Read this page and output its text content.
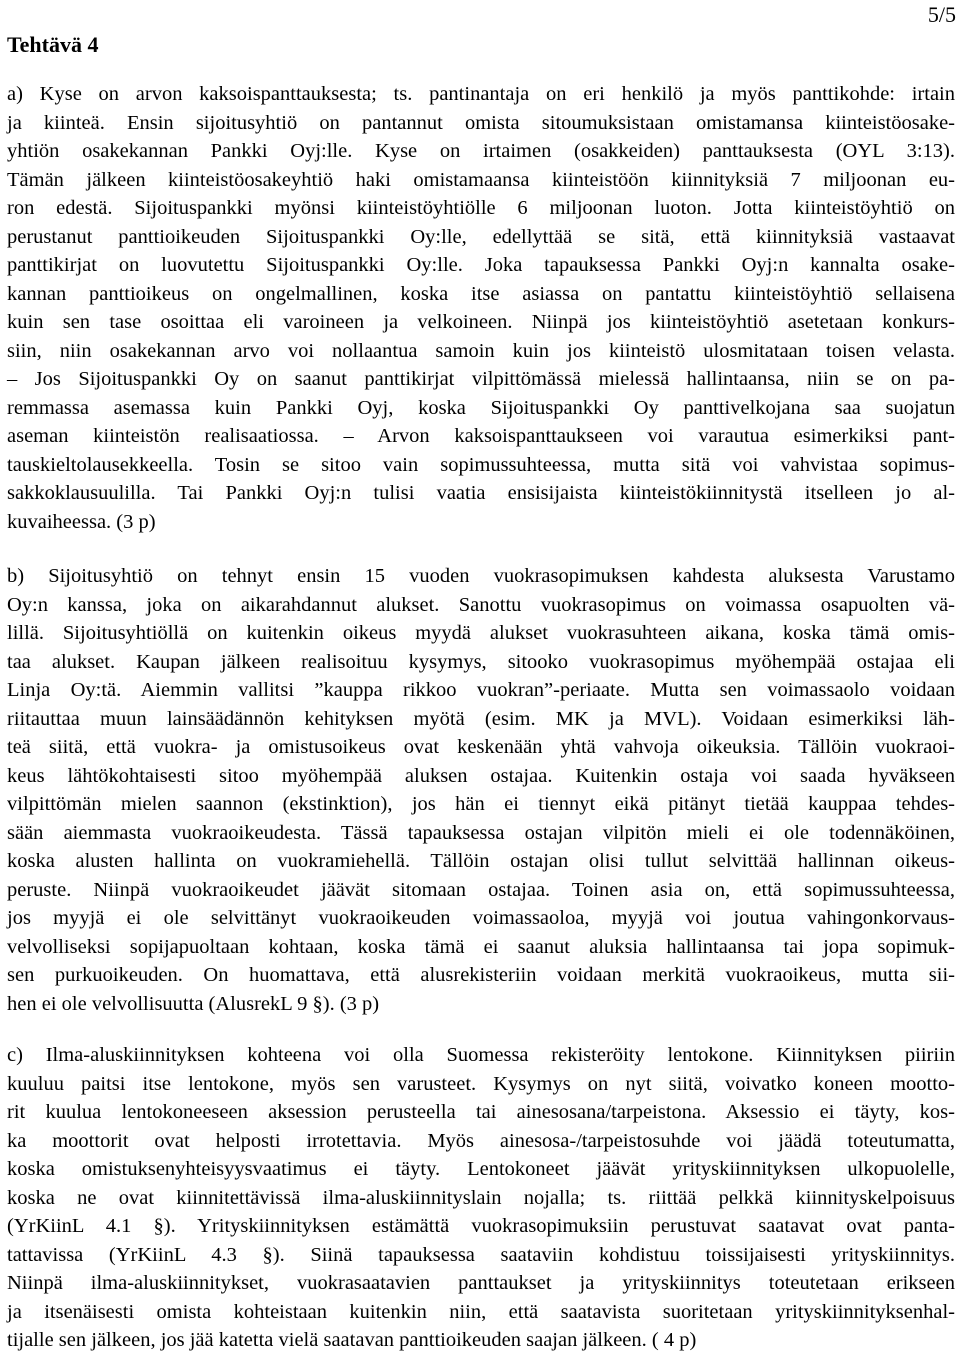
5/5
Tehtävä 4
a) Kyse on arvon kaksoispanttauksesta; ts. pantinantaja on eri henkilö ja myös panttikohde: irtain
ja kiinteä. Ensin sijoitusyhtiö on pantannut omista sitoumuksistaan omistamansa kiinteistöosake-
yhtiön osakekannan Pankki Oyj:lle. Kyse on irtaimen (osakkeiden) panttauksesta (OYL 3:13).
Tämän jälkeen kiinteistöosakeyhtiö haki omistamaansa kiinteistöön kiinnityksiä 7 miljoonan eu-
ron edestä. Sijoituspankki myönsi kiinteistöyhtiölle 6 miljoonan luoton. Jotta kiinteistöyhtiö on
perustanut panttioikeuden Sijoituspankki Oy:lle, edellyttää se sitä, että kiinnityksiä vastaavat
panttikirjat on luovutettu Sijoituspankki Oy:lle. Joka tapauksessa Pankki Oyj:n kannalta osake-
kannan panttioikeus on ongelmallinen, koska itse asiassa on pantattu kiinteistöyhtiö sellaisena
kuin sen tase osoittaa eli varoineen ja velkoineen. Niinpä jos kiinteistöyhtiö asetetaan konkurs-
siin, niin osakekannan arvo voi nollaantua samoin kuin jos kiinteistö ulosmitataan toisen velasta.
– Jos Sijoituspankki Oy on saanut panttikirjat vilpittömässä mielessä hallintaansa, niin se on pa-
remmassa asemassa kuin Pankki Oyj, koska Sijoituspankki Oy panttivelkojana saa suojatun
aseman kiinteistön realisaatiossa. – Arvon kaksoispanttaukseen voi varautua esimerkiksi pant-
tauskieltolausekkeella. Tosin se sitoo vain sopimussuhteessa, mutta sitä voi vahvistaa sopimus-
sakkoklausuulilla. Tai Pankki Oyj:n tulisi vaatia ensisijaista kiinteistökiinnitystä itselleen jo al-
kuvaiheessa. (3 p)
b) Sijoitusyhtiö on tehnyt ensin 15 vuoden vuokrasopimuksen kahdesta aluksesta Varustamo
Oy:n kanssa, joka on aikarahdannut alukset. Sanottu vuokrasopimus on voimassa osapuolten vä-
lillä. Sijoitusyhtiöllä on kuitenkin oikeus myydä alukset vuokrasuhteen aikana, koska tämä omis-
taa alukset. Kaupan jälkeen realisoituu kysymys, sitooko vuokrasopimus myöhempää ostajaa eli
Linja Oy:tä. Aiemmin vallitsi ”kauppa rikkoo vuokran”-periaate. Mutta sen voimassaolo voidaan
riitauttaa muun lainsäädännön kehityksen myötä (esim. MK ja MVL). Voidaan esimerkiksi läh-
teä siitä, että vuokra- ja omistusoikeus ovat keskenään yhtä vahvoja oikeuksia. Tällöin vuokraoi-
keus lähtökohtaisesti sitoo myöhempää aluksen ostajaa. Kuitenkin ostaja voi saada hyväkseen
vilpittömän mielen saannon (ekstinktion), jos hän ei tiennyt eikä pitänyt tietää kauppaa tehdes-
sään aiemmasta vuokraoikeudesta. Tässä tapauksessa ostajan vilpitön mieli ei ole todennäköinen,
koska alusten hallinta on vuokramiehellä. Tällöin ostajan olisi tullut selvittää hallinnan oikeus-
peruste. Niinpä vuokraoikeudet jäävät sitomaan ostajaa. Toinen asia on, että sopimussuhteessa,
jos myyjä ei ole selvittänyt vuokraoikeuden voimassaoloa, myyjä voi joutua vahingonkorvaus-
velvolliseksi sopijapuoltaan kohtaan, koska tämä ei saanut aluksia hallintaansa tai jopa sopimuk-
sen purkuoikeuden. On huomattava, että alusrekisteriin voidaan merkitä vuokraoikeus, mutta sii-
hen ei ole velvollisuutta (AlusrekL 9 §). (3 p)
c) Ilma-aluskiinnityksen kohteena voi olla Suomessa rekisteröity lentokone. Kiinnityksen piiriin
kuuluu paitsi itse lentokone, myös sen varusteet. Kysymys on nyt siitä, voivatko koneen mootto-
rit kuulua lentokoneeseen aksession perusteella tai ainesosana/tarpeistona. Aksessio ei täyty, kos-
ka moottorit ovat helposti irrotettavia. Myös ainesosa-/tarpeistosuhde voi jäädä toteutumatta,
koska omistuksenyhteisyysvaatimus ei täyty. Lentokoneet jäävät yrityskiinnityksen ulkopuolelle,
koska ne ovat kiinnitettävissä ilma-aluskiinnityslain nojalla; ts. riittää pelkkä kiinnityskelpoisuus
(YrKiinL 4.1 §). Yrityskiinnityksen estämättä vuokrasopimuksiin perustuvat saatavat ovat panta-
tattavissa (YrKiinL 4.3 §). Siinä tapauksessa saataviin kohdistuu toissijaisesti yrityskiinnitys.
Niinpä ilma-aluskiinnitykset, vuokrasaatavien panttaukset ja yrityskiinnitys toteutetaan erikseen
ja itsenäisesti omista kohteistaan kuitenkin niin, että saatavista suoritetaan yrityskiinnityksenhal-
tijalle sen jälkeen, jos jää katetta vielä saatavan panttioikeuden saajan jälkeen. ( 4 p)
